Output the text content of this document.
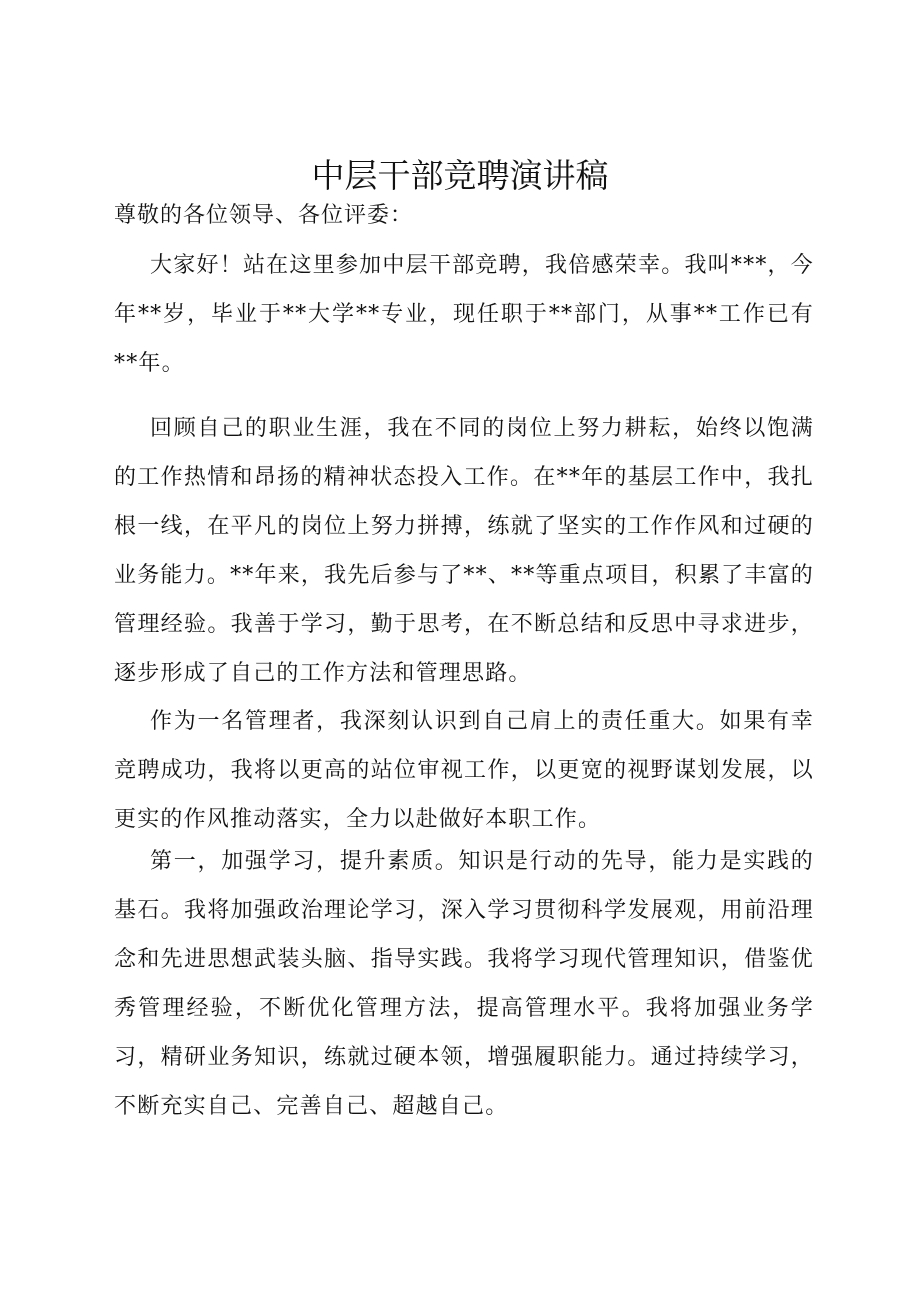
中层干部竞聘演讲稿

尊敬的各位领导、各位评委：

大家好！站在这里参加中层干部竞聘，我倍感荣幸。我叫***，今年**岁，毕业于**大学**专业，现任职于**部门，从事**工作已有**年。

回顾自己的职业生涯，我在不同的岗位上努力耕耘，始终以饱满的工作热情和昂扬的精神状态投入工作。在**年的基层工作中，我扎根一线，在平凡的岗位上努力拼搏，练就了坚实的工作作风和过硬的业务能力。**年来，我先后参与了**、**等重点项目，积累了丰富的管理经验。我善于学习，勤于思考，在不断总结和反思中寻求进步，逐步形成了自己的工作方法和管理思路。

作为一名管理者，我深刻认识到自己肩上的责任重大。如果有幸竞聘成功，我将以更高的站位审视工作，以更宽的视野谋划发展，以更实的作风推动落实，全力以赴做好本职工作。

第一，加强学习，提升素质。知识是行动的先导，能力是实践的基石。我将加强政治理论学习，深入学习贯彻科学发展观，用前沿理念和先进思想武装头脑、指导实践。我将学习现代管理知识，借鉴优秀管理经验，不断优化管理方法，提高管理水平。我将加强业务学习，精研业务知识，练就过硬本领，增强履职能力。通过持续学习，不断充实自己、完善自己、超越自己。
